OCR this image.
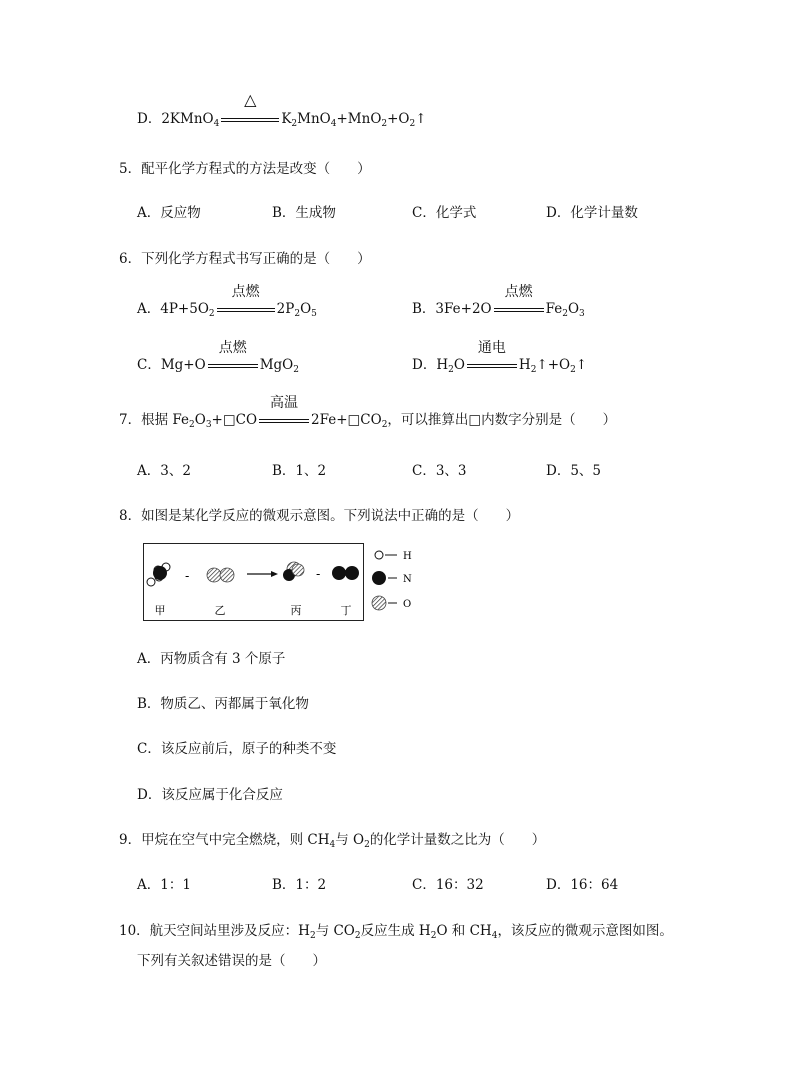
D．2KMnO$_4$
△
$K_2MnO_4+MnO_2+O_2↑$
5．配平化学方程式的方法是改变（　　）
A．反应物	B．生成物	C．化学式	D．化学计量数
6．下列化学方程式书写正确的是（　　）
A．$4P+5O_2$
点燃
$2P_2O_5$	B．3Fe+2O
点燃
$Fe_2O_3$
C．Mg+O
点燃
MgO$_2$	D．$H_2O$
通电
$H_2↑+O_2↑$
7．根据 $Fe_2O_3+□CO$
高温
$2Fe+□CO_2$，可以推算出□内数字分别是（　　）
A．3、2	B．1、2	C．3、3	D．5、5
8．如图是某化学反应的微观示意图。下列说法中正确的是（　　）
-	-
甲	乙	丙	丁
H
N
O
A．丙物质含有 3 个原子
B．物质乙、丙都属于氧化物
C．该反应前后，原子的种类不变
D．该反应属于化合反应
9．甲烷在空气中完全燃烧，则 $CH_4$与 $O_2$的化学计量数之比为（　　）
A．1：1	B．1：2	C．16：32	D．16：64
10．航天空间站里涉及反应：$H_2$与 $CO_2$反应生成 $H_2O$ 和 $CH_4$，该反应的微观示意图如图。
下列有关叙述错误的是（　　）
